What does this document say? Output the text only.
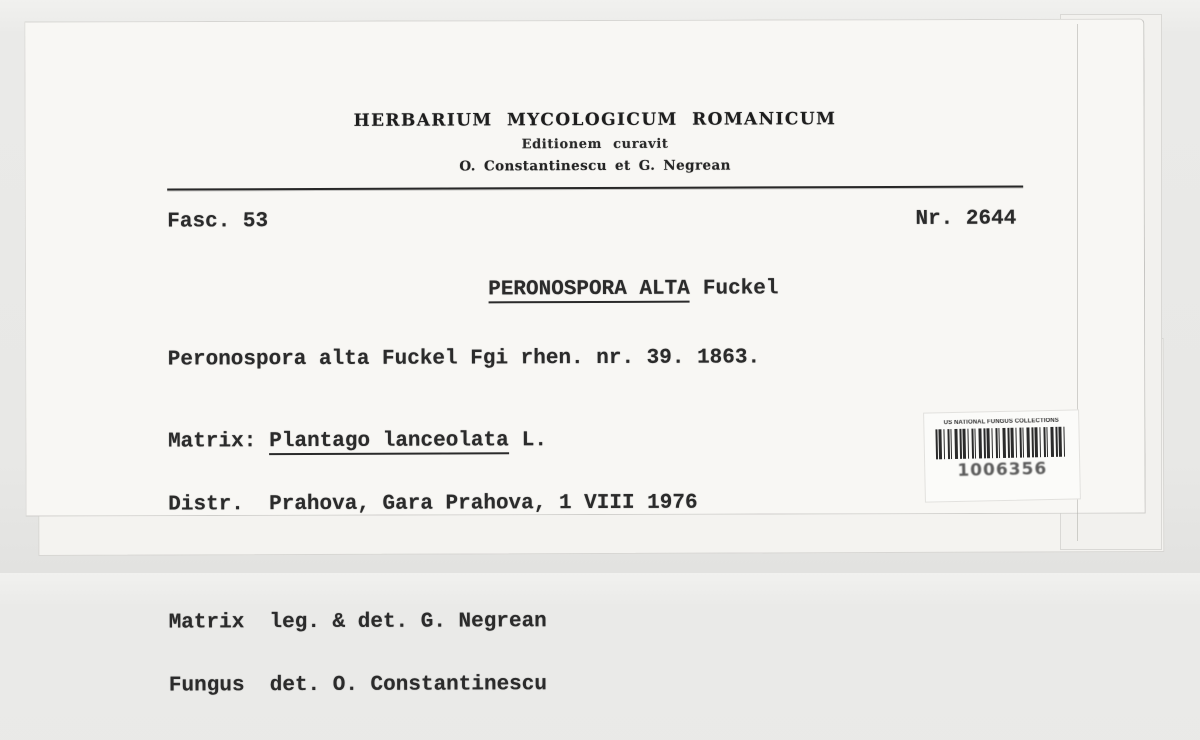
HERBARIUM MYCOLOGICUM ROMANICUM

Editionem curavit

O. Constantinescu et G. Negrean

Fasc. 53	Nr. 2644

PERONOSPORA ALTA Fuckel

Peronospora alta Fuckel Fgi rhen. nr. 39. 1863.

Matrix: Plantago lanceolata L.

Distr.  Prahova, Gara Prahova, 1 VIII 1976

Matrix  leg. & det. G. Negrean

Fungus  det. O. Constantinescu

US NATIONAL FUNGUS COLLECTIONS
1006356
